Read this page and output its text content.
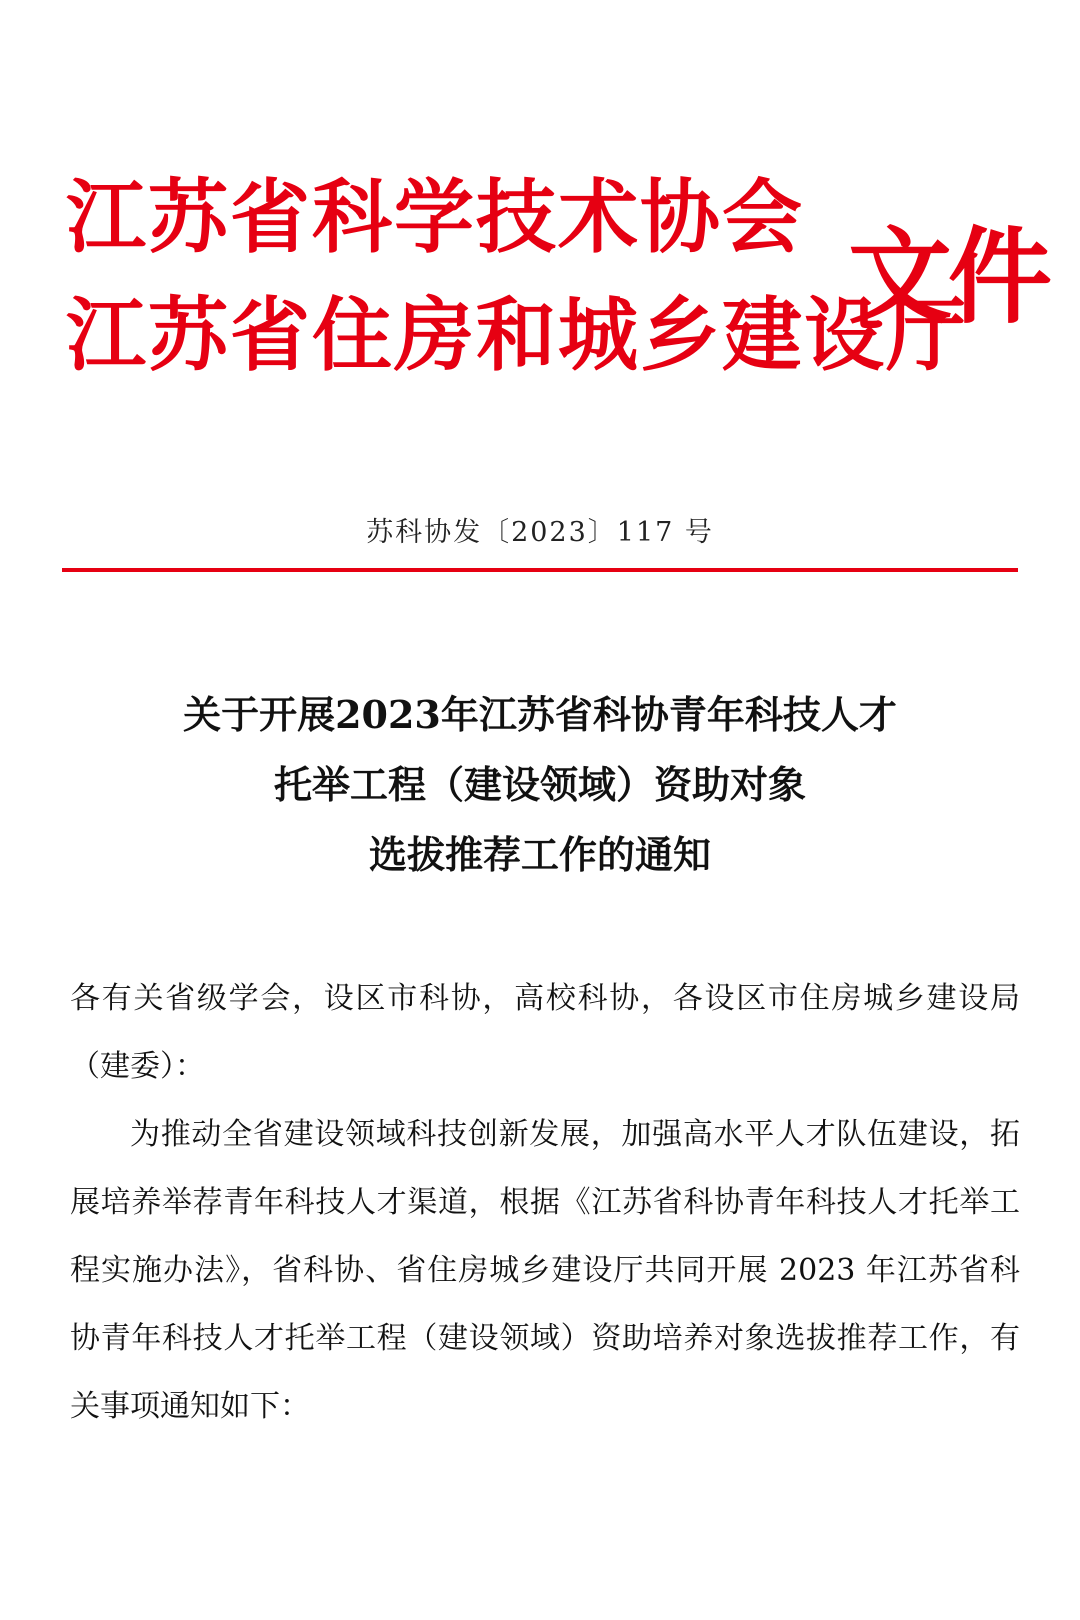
江苏省科学技术协会
江苏省住房和城乡建设厅
文件
苏科协发〔2023〕117 号
关于开展2023年江苏省科协青年科技人才
托举工程（建设领域）资助对象
选拔推荐工作的通知

各有关省级学会，设区市科协，高校科协，各设区市住房城乡建设局（建委）：

为推动全省建设领域科技创新发展，加强高水平人才队伍建设，拓展培养举荐青年科技人才渠道，根据《江苏省科协青年科技人才托举工程实施办法》，省科协、省住房城乡建设厅共同开展 2023 年江苏省科协青年科技人才托举工程（建设领域）资助培养对象选拔推荐工作，有关事项通知如下：
